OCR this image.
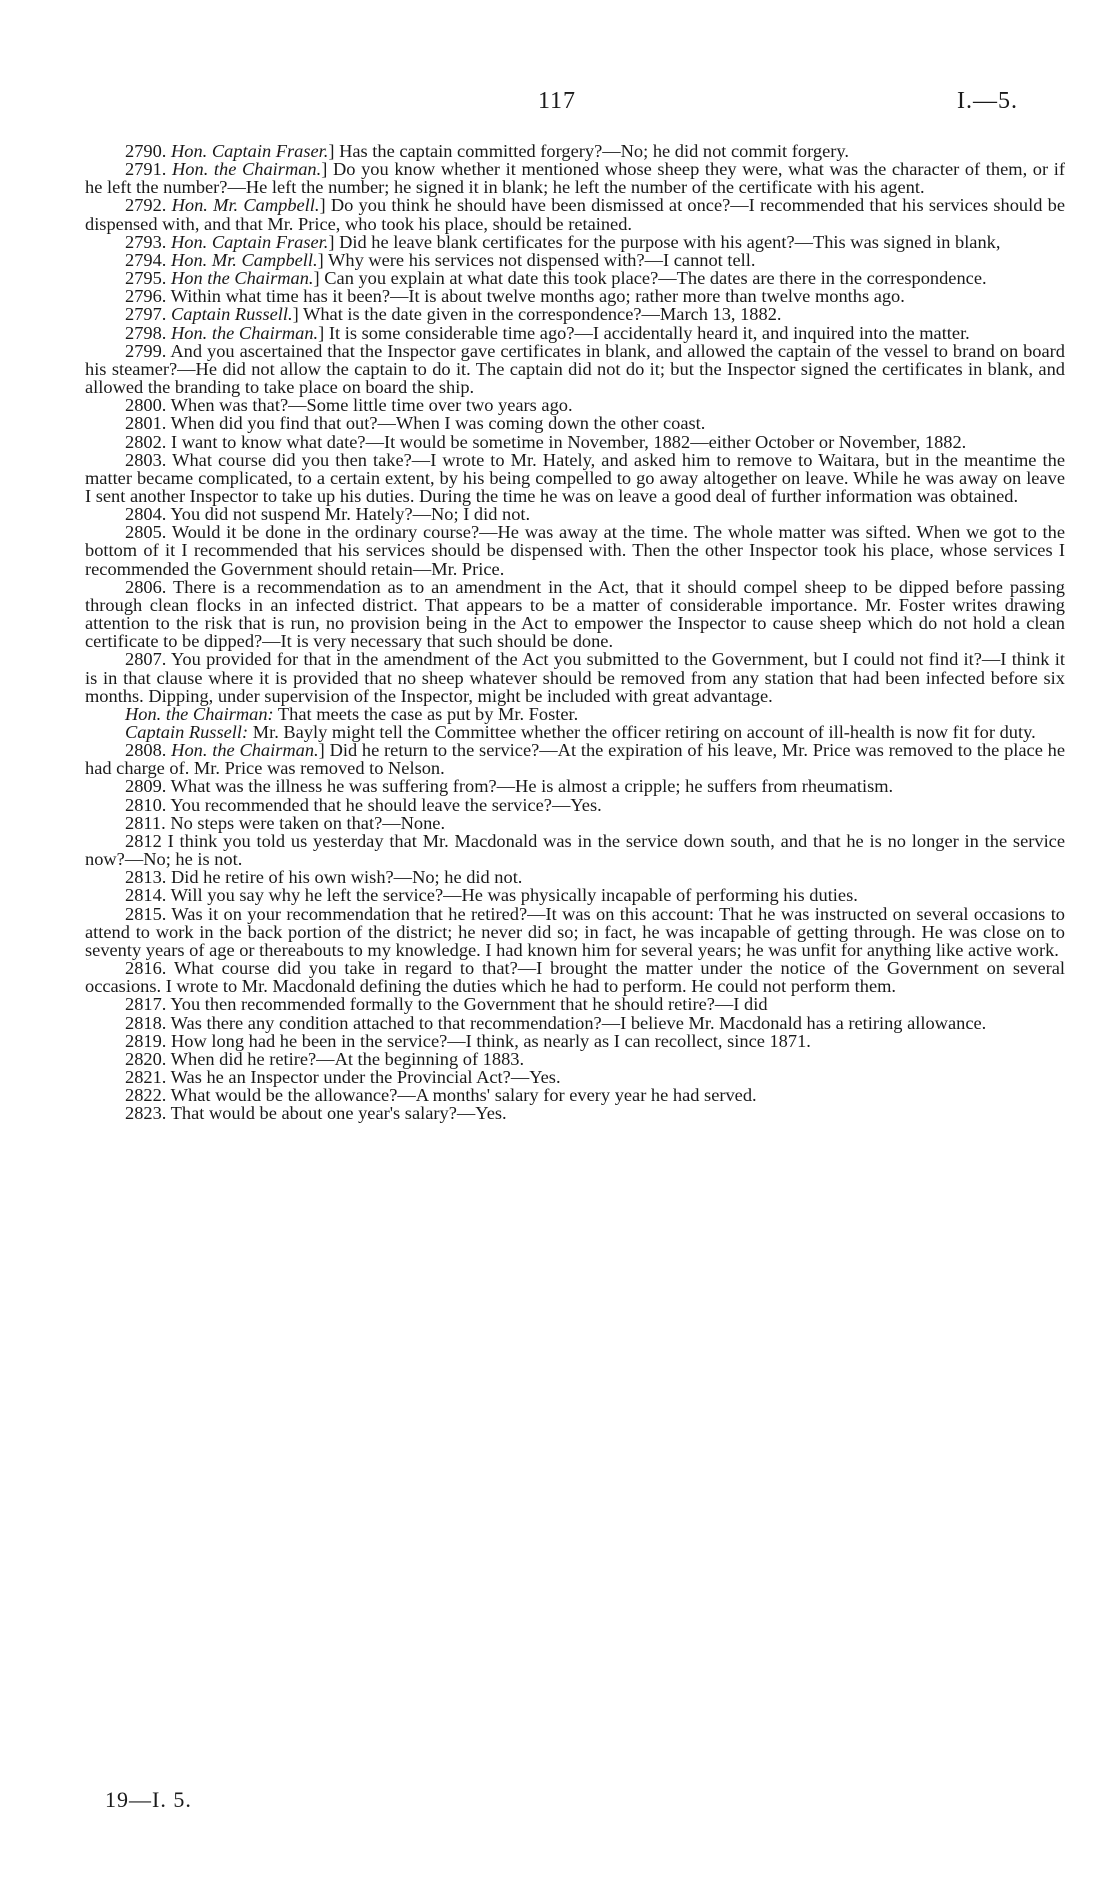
117	I.—5.

2790. Hon. Captain Fraser.] Has the captain committed forgery?—No; he did not commit forgery.

2791. Hon. the Chairman.] Do you know whether it mentioned whose sheep they were, what was the character of them, or if he left the number?—He left the number; he signed it in blank; he left the number of the certificate with his agent.

2792. Hon. Mr. Campbell.] Do you think he should have been dismissed at once?—I recommended that his services should be dispensed with, and that Mr. Price, who took his place, should be retained.

2793. Hon. Captain Fraser.] Did he leave blank certificates for the purpose with his agent?—This was signed in blank,

2794. Hon. Mr. Campbell.] Why were his services not dispensed with?—I cannot tell.

2795. Hon the Chairman.] Can you explain at what date this took place?—The dates are there in the correspondence.

2796. Within what time has it been?—It is about twelve months ago; rather more than twelve months ago.

2797. Captain Russell.] What is the date given in the correspondence?—March 13, 1882.

2798. Hon. the Chairman.] It is some considerable time ago?—I accidentally heard it, and inquired into the matter.

2799. And you ascertained that the Inspector gave certificates in blank, and allowed the captain of the vessel to brand on board his steamer?—He did not allow the captain to do it. The captain did not do it; but the Inspector signed the certificates in blank, and allowed the branding to take place on board the ship.

2800. When was that?—Some little time over two years ago.

2801. When did you find that out?—When I was coming down the other coast.

2802. I want to know what date?—It would be sometime in November, 1882—either October or November, 1882.

2803. What course did you then take?—I wrote to Mr. Hately, and asked him to remove to Waitara, but in the meantime the matter became complicated, to a certain extent, by his being compelled to go away altogether on leave. While he was away on leave I sent another Inspector to take up his duties. During the time he was on leave a good deal of further information was obtained.

2804. You did not suspend Mr. Hately?—No; I did not.

2805. Would it be done in the ordinary course?—He was away at the time. The whole matter was sifted. When we got to the bottom of it I recommended that his services should be dispensed with. Then the other Inspector took his place, whose services I recommended the Government should retain—Mr. Price.

2806. There is a recommendation as to an amendment in the Act, that it should compel sheep to be dipped before passing through clean flocks in an infected district. That appears to be a matter of considerable importance. Mr. Foster writes drawing attention to the risk that is run, no provision being in the Act to empower the Inspector to cause sheep which do not hold a clean certificate to be dipped?—It is very necessary that such should be done.

2807. You provided for that in the amendment of the Act you submitted to the Government, but I could not find it?—I think it is in that clause where it is provided that no sheep whatever should be removed from any station that had been infected before six months. Dipping, under supervision of the Inspector, might be included with great advantage.

Hon. the Chairman: That meets the case as put by Mr. Foster.

Captain Russell: Mr. Bayly might tell the Committee whether the officer retiring on account of ill-health is now fit for duty.

2808. Hon. the Chairman.] Did he return to the service?—At the expiration of his leave, Mr. Price was removed to the place he had charge of. Mr. Price was removed to Nelson.

2809. What was the illness he was suffering from?—He is almost a cripple; he suffers from rheumatism.

2810. You recommended that he should leave the service?—Yes.

2811. No steps were taken on that?—None.

2812 I think you told us yesterday that Mr. Macdonald was in the service down south, and that he is no longer in the service now?—No; he is not.

2813. Did he retire of his own wish?—No; he did not.

2814. Will you say why he left the service?—He was physically incapable of performing his duties.

2815. Was it on your recommendation that he retired?—It was on this account: That he was instructed on several occasions to attend to work in the back portion of the district; he never did so; in fact, he was incapable of getting through. He was close on to seventy years of age or thereabouts to my knowledge. I had known him for several years; he was unfit for anything like active work.

2816. What course did you take in regard to that?—I brought the matter under the notice of the Government on several occasions. I wrote to Mr. Macdonald defining the duties which he had to perform. He could not perform them.

2817. You then recommended formally to the Government that he should retire?—I did

2818. Was there any condition attached to that recommendation?—I believe Mr. Macdonald has a retiring allowance.

2819. How long had he been in the service?—I think, as nearly as I can recollect, since 1871.

2820. When did he retire?—At the beginning of 1883.

2821. Was he an Inspector under the Provincial Act?—Yes.

2822. What would be the allowance?—A months' salary for every year he had served.

2823. That would be about one year's salary?—Yes.

19—I. 5.
